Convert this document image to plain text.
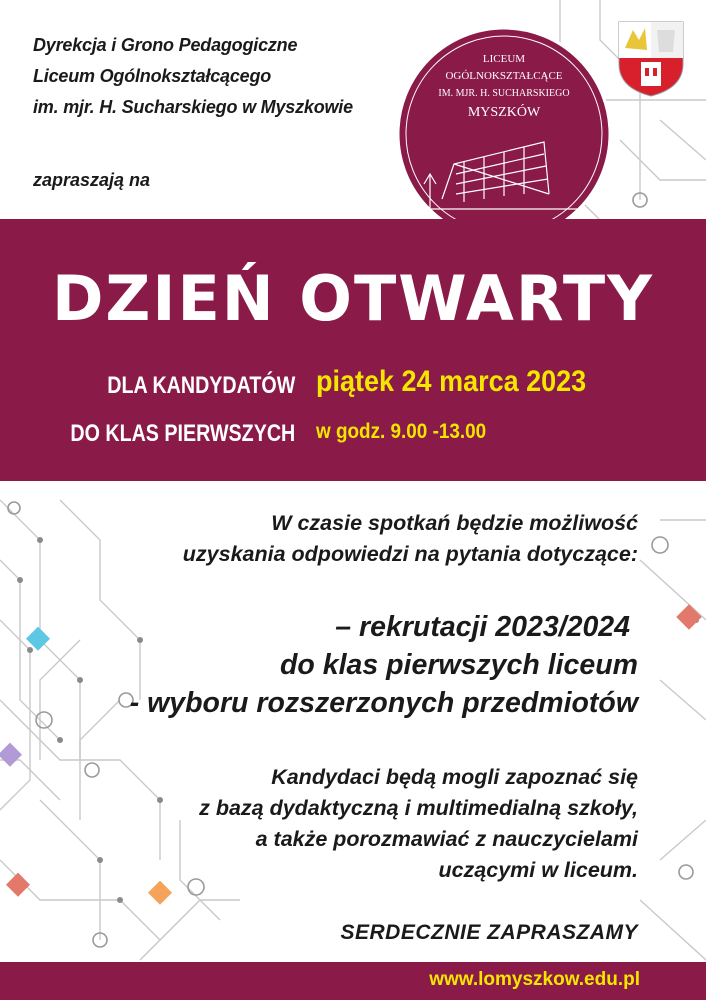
Dyrekcja i Grono Pedagogiczne
Liceum Ogólnokształcącego
im. mjr. H. Sucharskiego w Myszkowie
zapraszają na
LICEUM
OGÓLNOKSZTAŁCĄCE
IM. MJR. H. SUCHARSKIEGO
MYSZKÓW
DZIEŃ OTWARTY
DLA KANDYDATÓW
DO KLAS PIERWSZYCH
piątek 24 marca 2023
w godz. 9.00 -13.00
W czasie spotkań będzie możliwość
uzyskania odpowiedzi na pytania dotyczące:
– rekrutacji 2023/2024
do klas pierwszych liceum
- wyboru rozszerzonych przedmiotów
Kandydaci będą mogli zapoznać się
z bazą dydaktyczną i multimedialną szkoły,
a także porozmawiać z nauczycielami
uczącymi w liceum.
SERDECZNIE ZAPRASZAMY
www.lomyszkow.edu.pl
